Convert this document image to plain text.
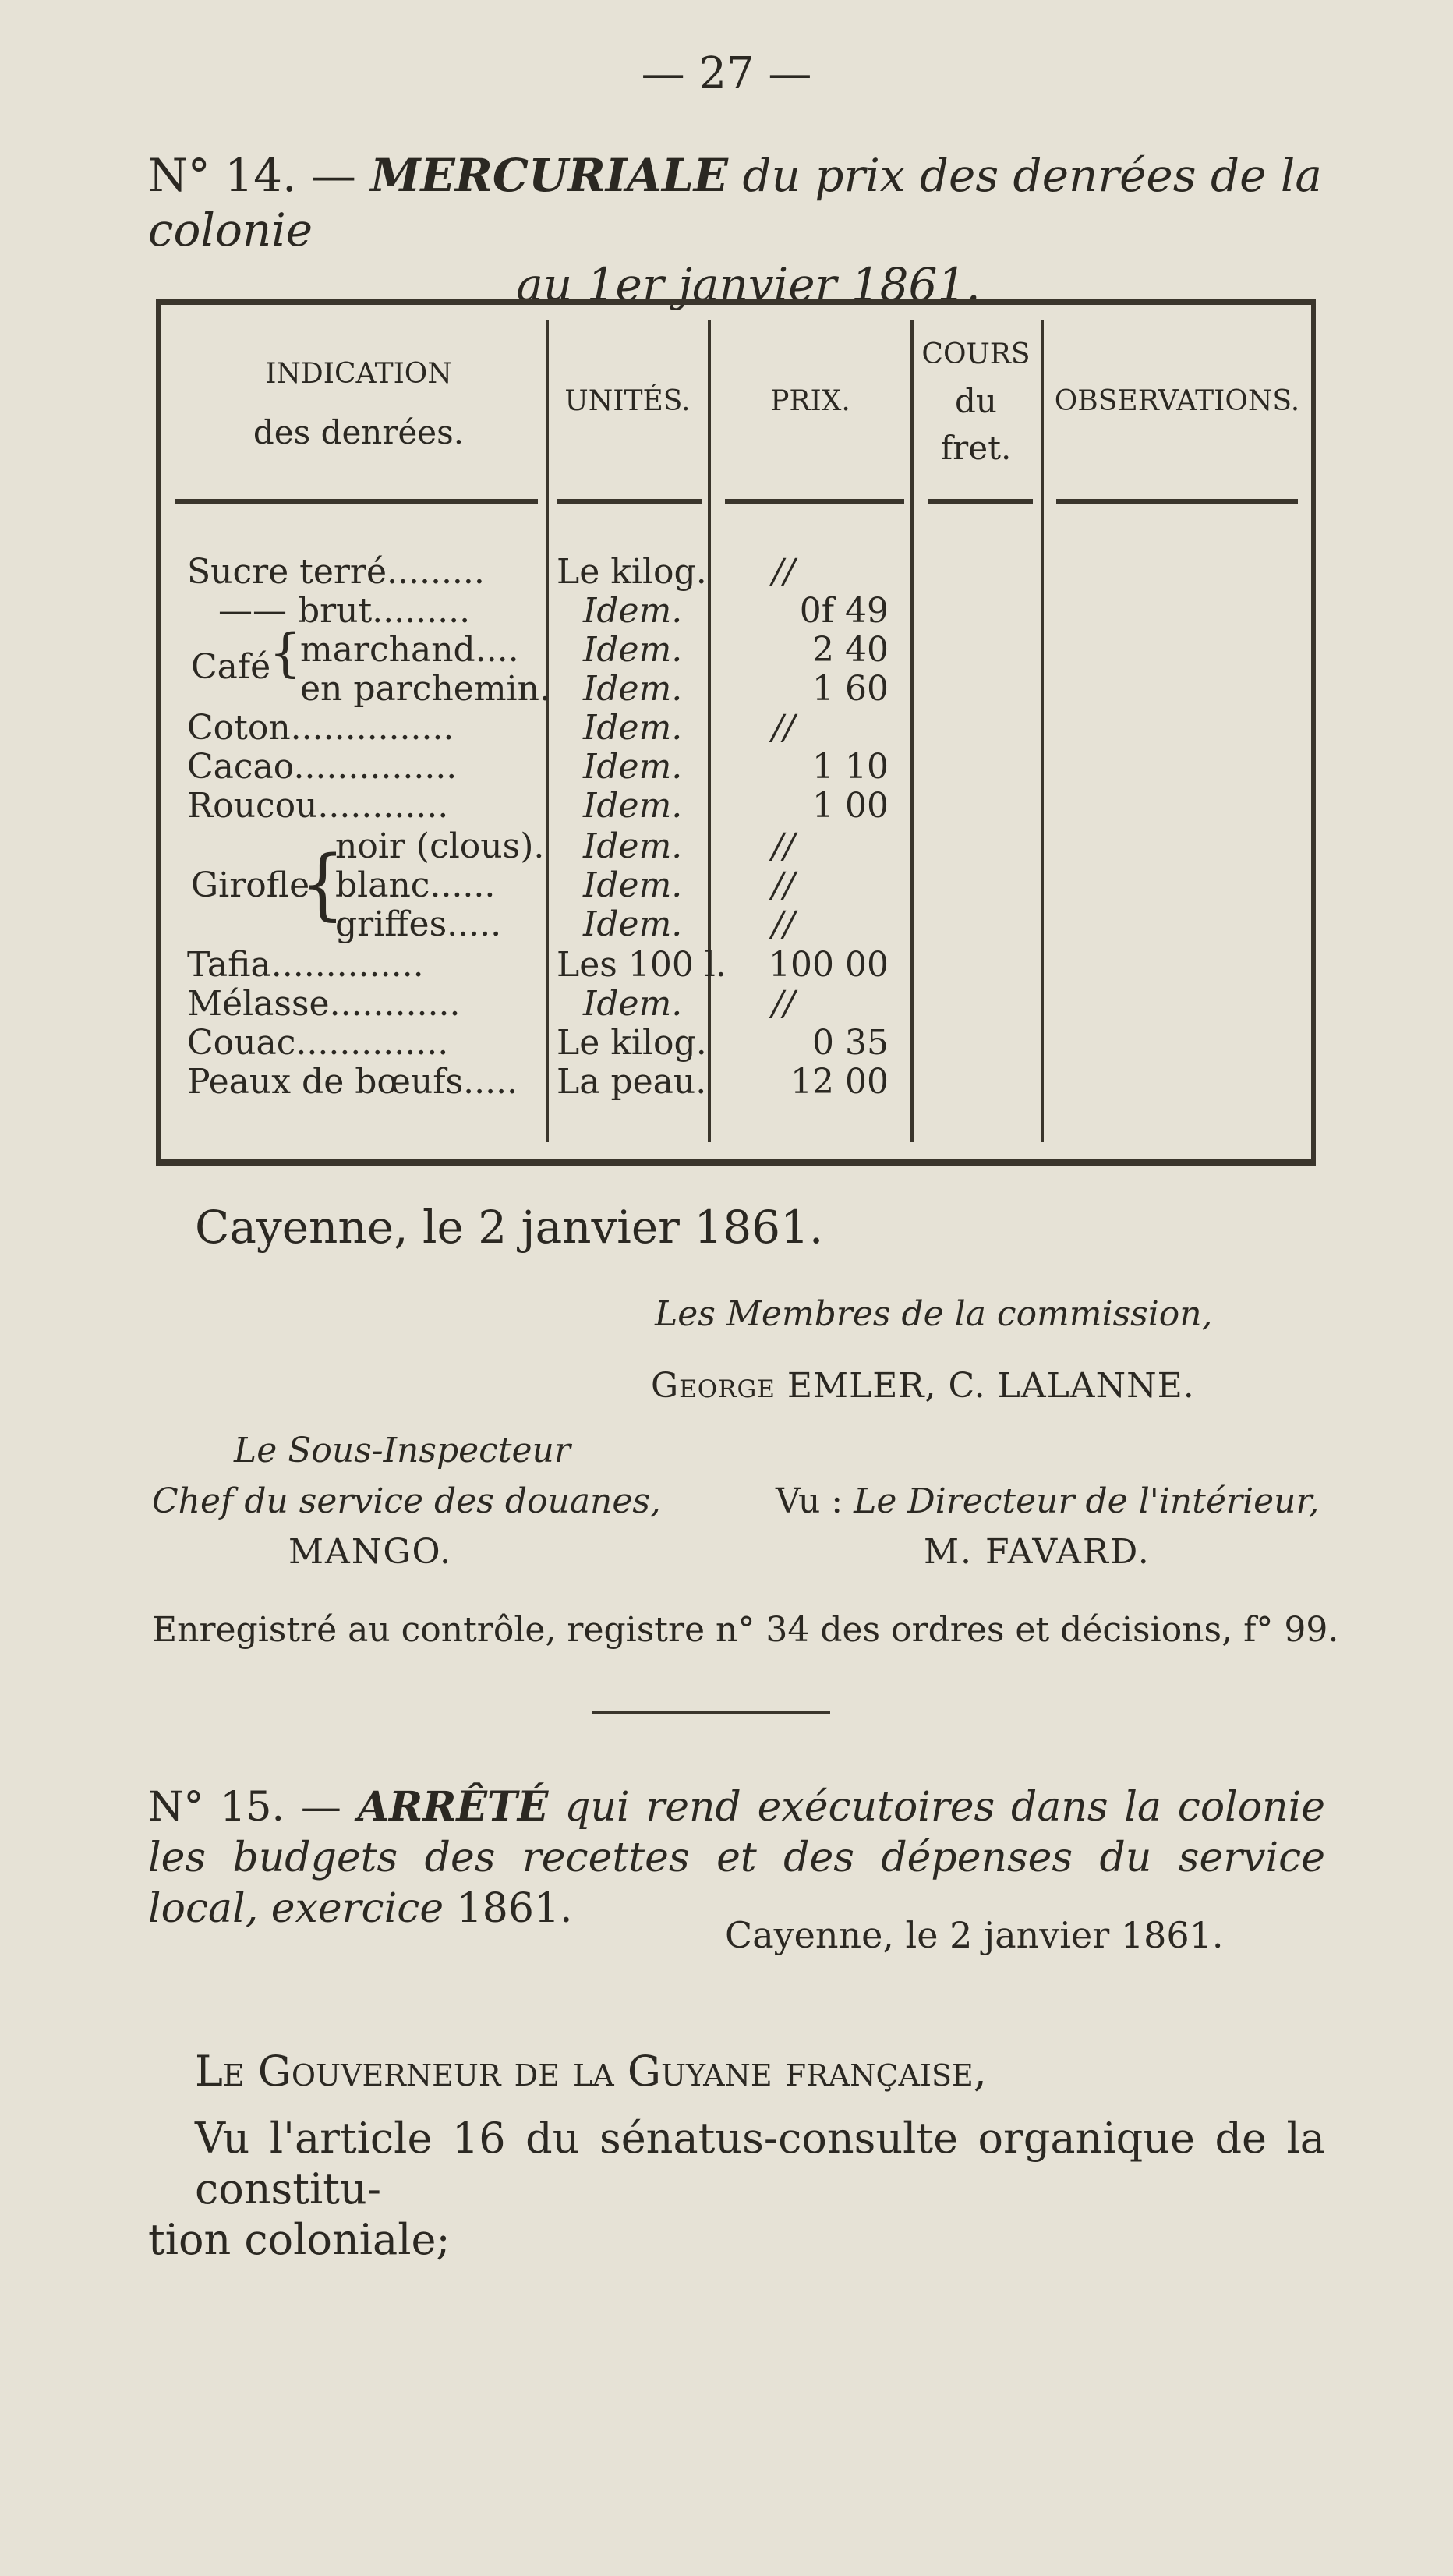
— 27 —
N° 14. — MERCURIALE du prix des denrées de la colonie
au 1er janvier 1861.
INDICATION
des denrées.
UNITÉS.	PRIX.
COURS
du
fret.
OBSERVATIONS.
Sucre terré.........
—— brut.........
Café
{
marchand....
en parchemin.
Coton...............
Cacao...............
Roucou............
Girofle
{
noir (clous).
blanc......
griffes.....
Tafia..............
Mélasse............
Couac..............
Peaux de bœufs.....
Le kilog.
Idem.
Idem.
Idem.
Idem.
Idem.
Idem.
Idem.
Idem.
Idem.
Les 100 l.
Idem.
Le kilog.
La peau.
//
0f 49
2 40
1 60
//
1 10
1 00
//
//
//
100 00
//
0 35
12 00
Cayenne, le 2 janvier 1861.
Les Membres de la commission,
George EMLER, C. LALANNE.
Le Sous-Inspecteur
Chef du service des douanes,
MANGO.
Vu : Le Directeur de l'intérieur,
M. FAVARD.
Enregistré au contrôle, registre n° 34 des ordres et décisions, f° 99.
N° 15. — ARRÊTÉ qui rend exécutoires dans la colonie les budgets des recettes et des dépenses du service local, exercice 1861.
Cayenne, le 2 janvier 1861.
Le Gouverneur de la Guyane française,
Vu l'article 16 du sénatus-consulte organique de la constitu-
tion coloniale;
